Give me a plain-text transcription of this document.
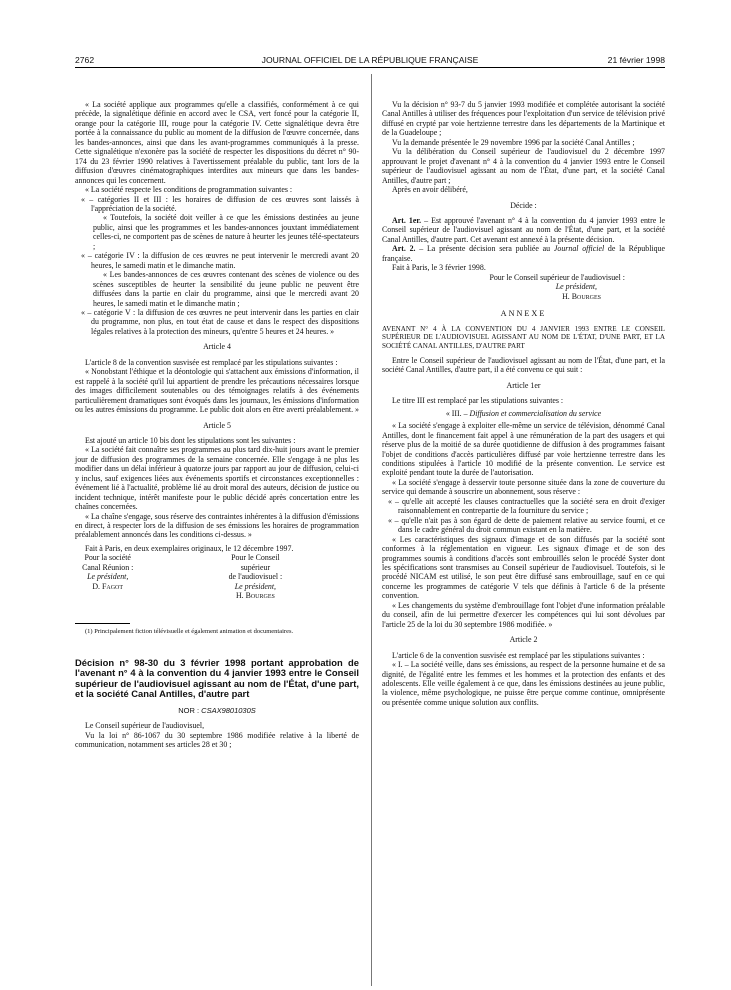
2762	JOURNAL OFFICIEL DE LA RÉPUBLIQUE FRANÇAISE	21 février 1998

« La société applique aux programmes qu'elle a classifiés, conformément à ce qui précède, la signalétique définie en accord avec le CSA, vert foncé pour la catégorie II, orange pour la catégorie III, rouge pour la catégorie IV. Cette signalétique devra être portée à la connaissance du public au moment de la diffusion de l'œuvre concernée, dans les bandes-annonces, ainsi que dans les avant-programmes communiqués à la presse. Cette signalétique n'exonère pas la société de respecter les dispositions du décret n° 90-174 du 23 février 1990 relatives à l'avertissement préalable du public, tant lors de la diffusion d'œuvres cinématographiques interdites aux mineurs que dans les bandes-annonces qui les concernent.

« La société respecte les conditions de programmation suivantes :

« – catégories II et III : les horaires de diffusion de ces œuvres sont laissés à l'appréciation de la société.

« Toutefois, la société doit veiller à ce que les émissions destinées au jeune public, ainsi que les programmes et les bandes-annonces jouxtant immédiatement celles-ci, ne comportent pas de scènes de nature à heurter les jeunes télé-spectateurs ;

« – catégorie IV : la diffusion de ces œuvres ne peut intervenir le mercredi avant 20 heures, le samedi matin et le dimanche matin.

« Les bandes-annonces de ces œuvres contenant des scènes de violence ou des scènes susceptibles de heurter la sensibilité du jeune public ne peuvent être diffusées dans la partie en clair du programme, ainsi que le mercredi avant 20 heures, le samedi matin et le dimanche matin ;

« – catégorie V : la diffusion de ces œuvres ne peut intervenir dans les parties en clair du programme, non plus, en tout état de cause et dans le respect des dispositions légales relatives à la protection des mineurs, qu'entre 5 heures et 24 heures. »

Article 4

L'article 8 de la convention susvisée est remplacé par les stipulations suivantes :

« Nonobstant l'éthique et la déontologie qui s'attachent aux émissions d'information, il est rappelé à la société qu'il lui appartient de prendre les précautions nécessaires lorsque des images difficilement soutenables ou des témoignages relatifs à des événements particulièrement dramatiques sont évoqués dans les journaux, les émissions d'information ou les autres émissions du programme. Le public doit alors en être averti préalablement. »

Article 5

Est ajouté un article 10 bis dont les stipulations sont les suivantes :

« La société fait connaître ses programmes au plus tard dix-huit jours avant le premier jour de diffusion des programmes de la semaine concernée. Elle s'engage à ne plus les modifier dans un délai inférieur à quatorze jours par rapport au jour de diffusion, celui-ci y inclus, sauf exigences liées aux événements sportifs et circonstances exceptionnelles : événement lié à l'actualité, problème lié au droit moral des auteurs, décision de justice ou incident technique, intérêt manifeste pour le public décidé après concertation entre les chaînes concernées.

« La chaîne s'engage, sous réserve des contraintes inhérentes à la diffusion d'émissions en direct, à respecter lors de la diffusion de ses émissions les horaires de programmation préalablement annoncés dans les conditions ci-dessus. »

Fait à Paris, en deux exemplaires originaux, le 12 décembre 1997.

Pour la société Canal Réunion :
Le président,
D. Fagot
Pour le Conseil supérieur
de l'audiovisuel :
Le président,
H. Bourges

(1) Principalement fiction télévisuelle et également animation et documentaires.

Décision n° 98-30 du 3 février 1998 portant approbation de l'avenant n° 4 à la convention du 4 janvier 1993 entre le Conseil supérieur de l'audiovisuel agissant au nom de l'État, d'une part, et la société Canal Antilles, d'autre part

NOR : CSAX9801030S

Le Conseil supérieur de l'audiovisuel,

Vu la loi n° 86-1067 du 30 septembre 1986 modifiée relative à la liberté de communication, notamment ses articles 28 et 30 ;

Vu la décision n° 93-7 du 5 janvier 1993 modifiée et complétée autorisant la société Canal Antilles à utiliser des fréquences pour l'exploitation d'un service de télévision privé diffusé en crypté par voie hertzienne terrestre dans les départements de la Martinique et de la Guadeloupe ;

Vu la demande présentée le 29 novembre 1996 par la société Canal Antilles ;

Vu la délibération du Conseil supérieur de l'audiovisuel du 2 décembre 1997 approuvant le projet d'avenant n° 4 à la convention du 4 janvier 1993 entre le Conseil supérieur de l'audiovisuel agissant au nom de l'État, d'une part, et la société Canal Antilles, d'autre part ;

Après en avoir délibéré,

Décide :

Art. 1er. – Est approuvé l'avenant n° 4 à la convention du 4 janvier 1993 entre le Conseil supérieur de l'audiovisuel agissant au nom de l'État, d'une part, et la société Canal Antilles, d'autre part. Cet avenant est annexé à la présente décision.

Art. 2. – La présente décision sera publiée au Journal officiel de la République française.

Fait à Paris, le 3 février 1998.

Pour le Conseil supérieur de l'audiovisuel :
Le président,
H. Bourges

ANNEXE

AVENANT N° 4 À LA CONVENTION DU 4 JANVIER 1993 ENTRE LE CONSEIL SUPÉRIEUR DE L'AUDIOVISUEL AGISSANT AU NOM DE L'ÉTAT, D'UNE PART, ET LA SOCIÉTÉ CANAL ANTILLES, D'AUTRE PART

Entre le Conseil supérieur de l'audiovisuel agissant au nom de l'État, d'une part, et la société Canal Antilles, d'autre part, il a été convenu ce qui suit :

Article 1er

Le titre III est remplacé par les stipulations suivantes :

« III. – Diffusion et commercialisation du service

« La société s'engage à exploiter elle-même un service de télévision, dénommé Canal Antilles, dont le financement fait appel à une rémunération de la part des usagers et qui réserve plus de la moitié de sa durée quotidienne de diffusion à des programmes faisant l'objet de conditions d'accès particulières diffusé par voie hertzienne terrestre dans les conditions stipulées à l'article 10 modifié de la présente convention. Le service est exploité pendant toute la durée de l'autorisation.

« La société s'engage à desservir toute personne située dans la zone de couverture du service qui demande à souscrire un abonnement, sous réserve :

« – qu'elle ait accepté les clauses contractuelles que la société sera en droit d'exiger raisonnablement en contrepartie de la fourniture du service ;

« – qu'elle n'ait pas à son égard de dette de paiement relative au service fourni, et ce dans le cadre général du droit commun existant en la matière.

« Les caractéristiques des signaux d'image et de son diffusés par la société sont conformes à la réglementation en vigueur. Les signaux d'image et de son des programmes soumis à conditions d'accès sont embrouillés selon le procédé Syster dont les spécifications sont transmises au Conseil supérieur de l'audiovisuel. Toutefois, si le procédé NICAM est utilisé, le son peut être diffusé sans embrouillage, sauf en ce qui concerne les programmes de catégorie V tels que définis à l'article 6 de la présente convention.

« Les changements du système d'embrouillage font l'objet d'une information préalable du conseil, afin de lui permettre d'exercer les compétences qui lui sont dévolues par l'article 25 de la loi du 30 septembre 1986 modifiée. »

Article 2

L'article 6 de la convention susvisée est remplacé par les stipulations suivantes :

« I. – La société veille, dans ses émissions, au respect de la personne humaine et de sa dignité, de l'égalité entre les femmes et les hommes et la protection des enfants et des adolescents. Elle veille également à ce que, dans les émissions destinées au jeune public, la violence, même psychologique, ne puisse être perçue comme continue, omniprésente ou présentée comme unique solution aux conflits.
